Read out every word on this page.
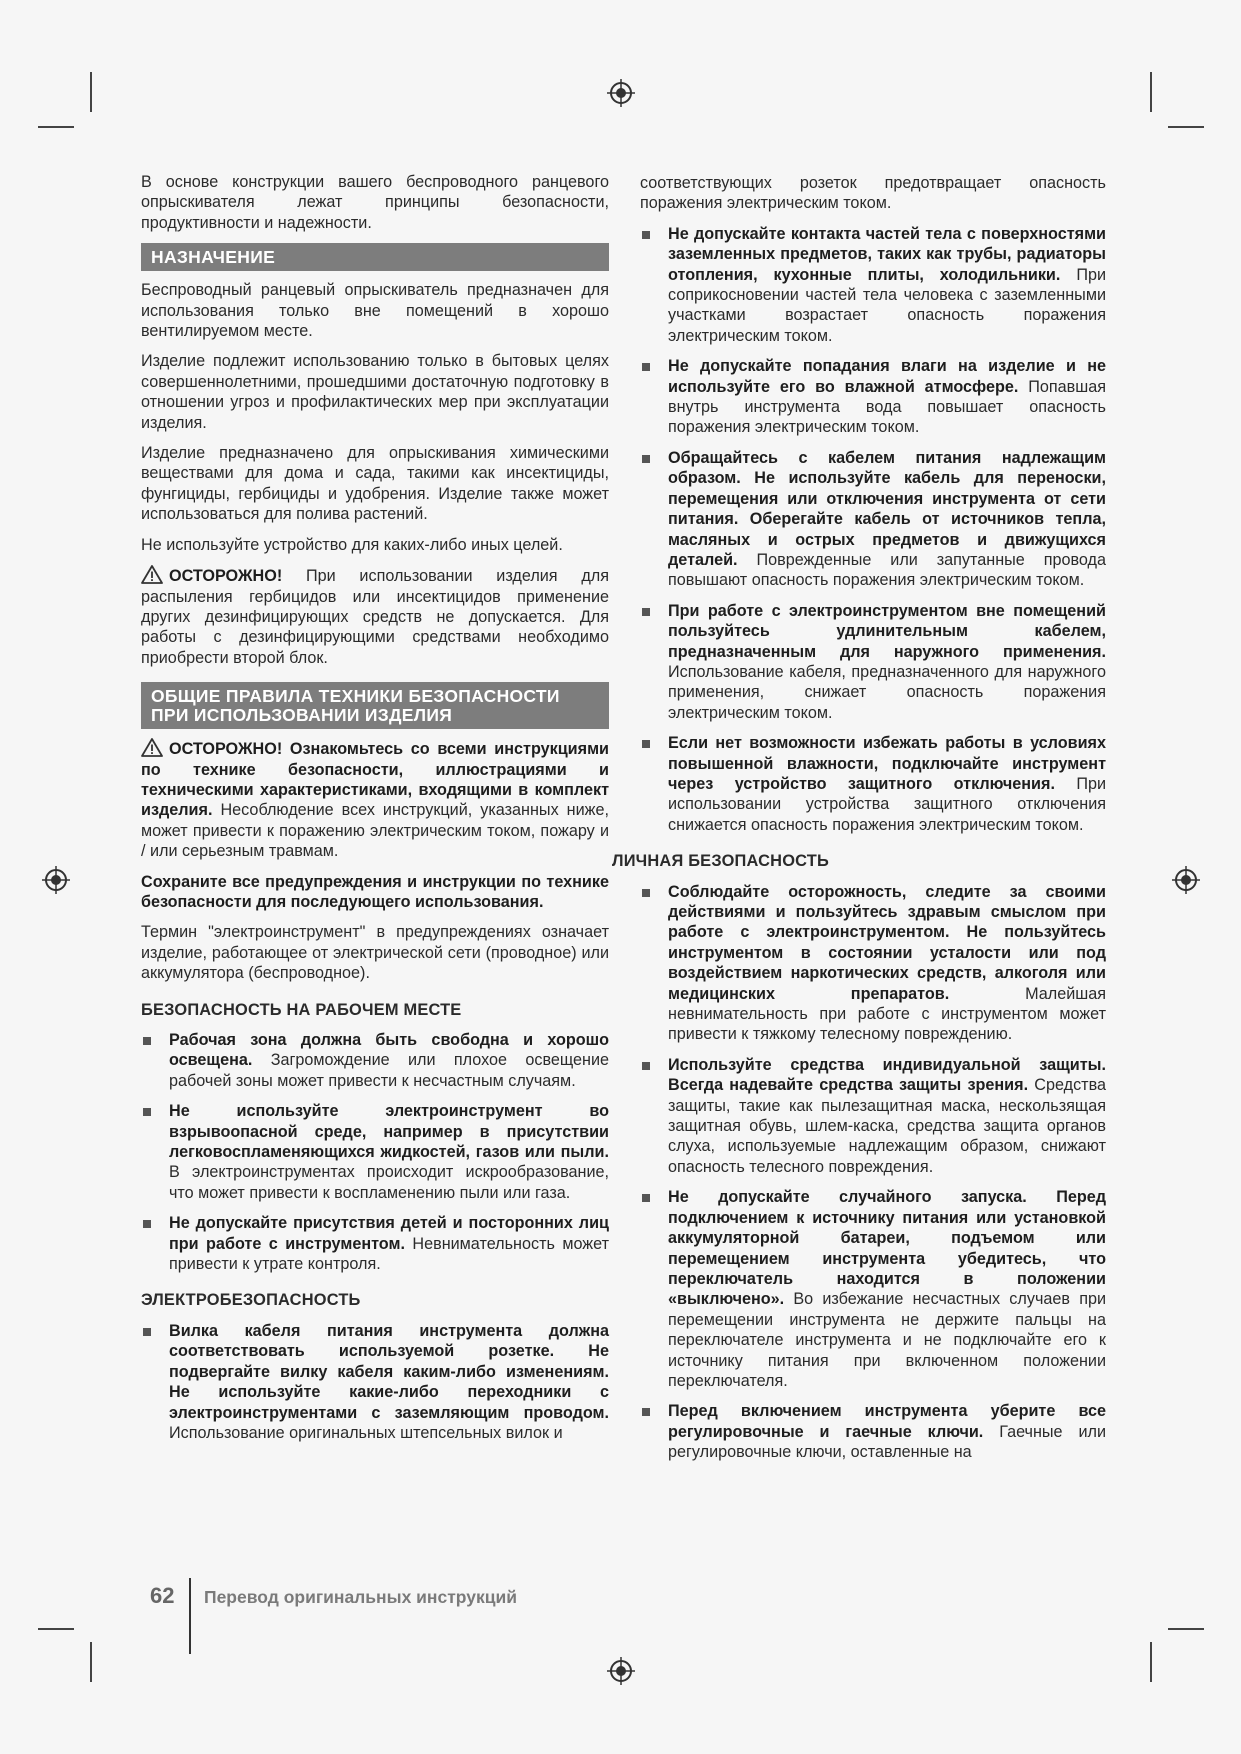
В основе конструкции вашего беспроводного ранцевого опрыскивателя лежат принципы безопасности, продуктивности и надежности.

НАЗНАЧЕНИЕ

Беспроводный ранцевый опрыскиватель предназначен для использования только вне помещений в хорошо вентилируемом месте.

Изделие подлежит использованию только в бытовых целях совершеннолетними, прошедшими достаточную подготовку в отношении угроз и профилактических мер при эксплуатации изделия.

Изделие предназначено для опрыскивания химическими веществами для дома и сада, такими как инсектициды, фунгициды, гербициды и удобрения. Изделие также может использоваться для полива растений.

Не используйте устройство для каких-либо иных целей.

ОСТОРОЖНО! При использовании изделия для распыления гербицидов или инсектицидов применение других дезинфицирующих средств не допускается. Для работы с дезинфицирующими средствами необходимо приобрести второй блок.

ОБЩИЕ ПРАВИЛА ТЕХНИКИ БЕЗОПАСНОСТИ
ПРИ ИСПОЛЬЗОВАНИИ ИЗДЕЛИЯ

ОСТОРОЖНО! Ознакомьтесь со всеми инструкциями по технике безопасности, иллюстрациями и техническими характеристиками, входящими в комплект изделия. Несоблюдение всех инструкций, указанных ниже, может привести к поражению электрическим током, пожару и / или серьезным травмам.

Сохраните все предупреждения и инструкции по технике безопасности для последующего использования.

Термин "электроинструмент" в предупреждениях означает изделие, работающее от электрической сети (проводное) или аккумулятора (беспроводное).

БЕЗОПАСНОСТЬ НА РАБОЧЕМ МЕСТЕ
Рабочая зона должна быть свободна и хорошо освещена. Загромождение или плохое освещение рабочей зоны может привести к несчастным случаям.
Не используйте электроинструмент во взрывоопасной среде, например в присутствии легковоспламеняющихся жидкостей, газов или пыли. В электроинструментах происходит искрообразование, что может привести к воспламенению пыли или газа.
Не допускайте присутствия детей и посторонних лиц при работе с инструментом. Невнимательность может привести к утрате контроля.
ЭЛЕКТРОБЕЗОПАСНОСТЬ
Вилка кабеля питания инструмента должна соответствовать используемой розетке. Не подвергайте вилку кабеля каким-либо изменениям. Не используйте какие-либо переходники с электроинструментами с заземляющим проводом. Использование оригинальных штепсельных вилок и

соответствующих розеток предотвращает опасность поражения электрическим током.

Не допускайте контакта частей тела с поверхностями заземленных предметов, таких как трубы, радиаторы отопления, кухонные плиты, холодильники. При соприкосновении частей тела человека с заземленными участками возрастает опасность поражения электрическим током.
Не допускайте попадания влаги на изделие и не используйте его во влажной атмосфере. Попавшая внутрь инструмента вода повышает опасность поражения электрическим током.
Обращайтесь с кабелем питания надлежащим образом. Не используйте кабель для переноски, перемещения или отключения инструмента от сети питания. Оберегайте кабель от источников тепла, масляных и острых предметов и движущихся деталей. Поврежденные или запутанные провода повышают опасность поражения электрическим током.
При работе с электроинструментом вне помещений пользуйтесь удлинительным кабелем, предназначенным для наружного применения. Использование кабеля, предназначенного для наружного применения, снижает опасность поражения электрическим током.
Если нет возможности избежать работы в условиях повышенной влажности, подключайте инструмент через устройство защитного отключения. При использовании устройства защитного отключения снижается опасность поражения электрическим током.
ЛИЧНАЯ БЕЗОПАСНОСТЬ
Соблюдайте осторожность, следите за своими действиями и пользуйтесь здравым смыслом при работе с электроинструментом. Не пользуйтесь инструментом в состоянии усталости или под воздействием наркотических средств, алкоголя или медицинских препаратов.	Малейшая невнимательность при работе с инструментом может привести к тяжкому телесному повреждению.
Используйте средства индивидуальной защиты. Всегда надевайте средства защиты зрения. Средства защиты, такие как пылезащитная маска, нескользящая защитная обувь, шлем-каска, средства защита органов слуха, используемые надлежащим образом, снижают опасность телесного повреждения.
Не допускайте случайного запуска. Перед подключением к источнику питания или установкой аккумуляторной батареи, подъемом или перемещением инструмента убедитесь, что переключатель находится в положении «выключено». Во избежание несчастных случаев при перемещении инструмента не держите пальцы на переключателе инструмента и не подключайте его к источнику питания при включенном положении переключателя.
Перед включением инструмента уберите все регулировочные и гаечные ключи. Гаечные или регулировочные ключи, оставленные на
62 Перевод оригинальных инструкций
